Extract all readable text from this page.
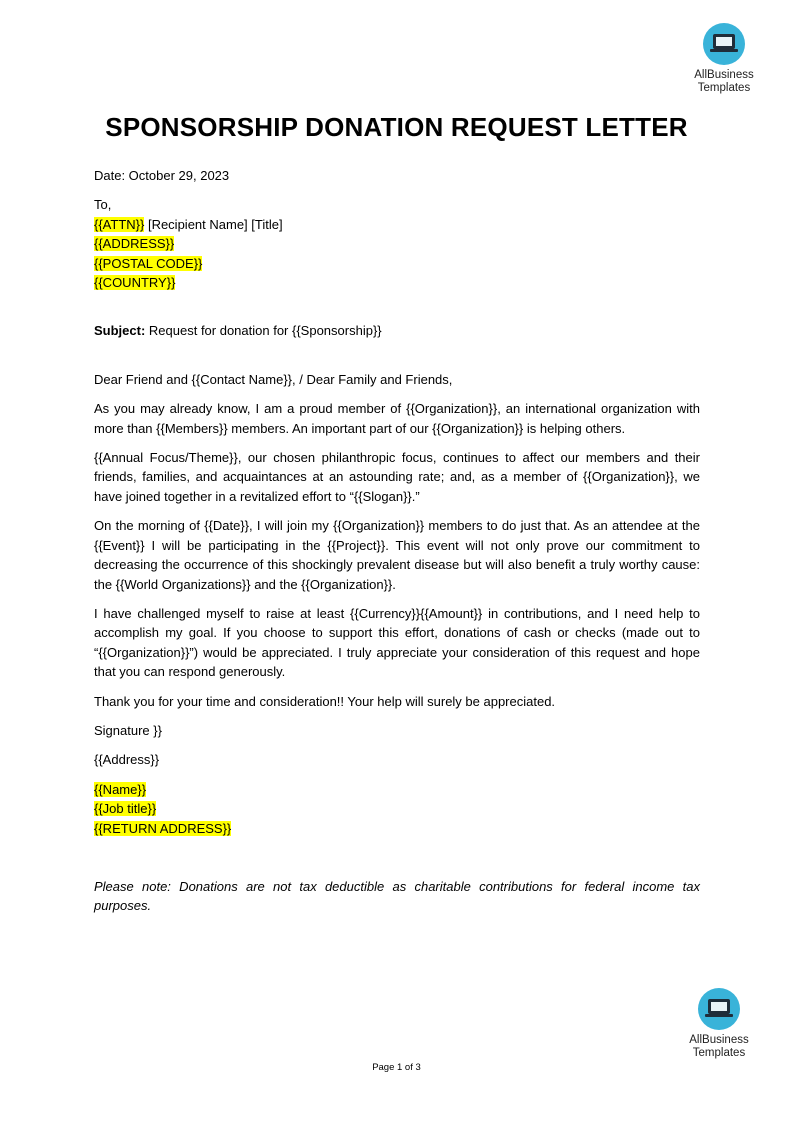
AllBusiness
Templates
SPONSORSHIP DONATION REQUEST LETTER

Date: October 29, 2023

To,

{{ATTN}} [Recipient Name] [Title]

{{ADDRESS}}

{{POSTAL CODE}}

{{COUNTRY}}

Subject: Request for donation for {{Sponsorship}}

Dear Friend and {{Contact Name}}, / Dear Family and Friends,

As you may already know, I am a proud member of {{Organization}}, an international organization with more than {{Members}} members. An important part of our {{Organization}} is helping others.

{{Annual Focus/Theme}}, our chosen philanthropic focus, continues to affect our members and their friends, families, and acquaintances at an astounding rate; and, as a member of {{Organization}}, we have joined together in a revitalized effort to “{{Slogan}}.”

On the morning of {{Date}}, I will join my {{Organization}} members to do just that. As an attendee at the {{Event}} I will be participating in the {{Project}}. This event will not only prove our commitment to decreasing the occurrence of this shockingly prevalent disease but will also benefit a truly worthy cause: the {{World Organizations}} and the {{Organization}}.

I have challenged myself to raise at least {{Currency}}{{Amount}} in contributions, and I need help to accomplish my goal. If you choose to support this effort, donations of cash or checks (made out to “{{Organization}}”) would be appreciated. I truly appreciate your consideration of this request and hope that you can respond generously.

Thank you for your time and consideration!! Your help will surely be appreciated.

Signature }}

{{Address}}

{{Name}}

{{Job title}}

{{RETURN ADDRESS}}

Please note: Donations are not tax deductible as charitable contributions for federal income tax purposes.

AllBusiness
Templates
Page 1 of 3
